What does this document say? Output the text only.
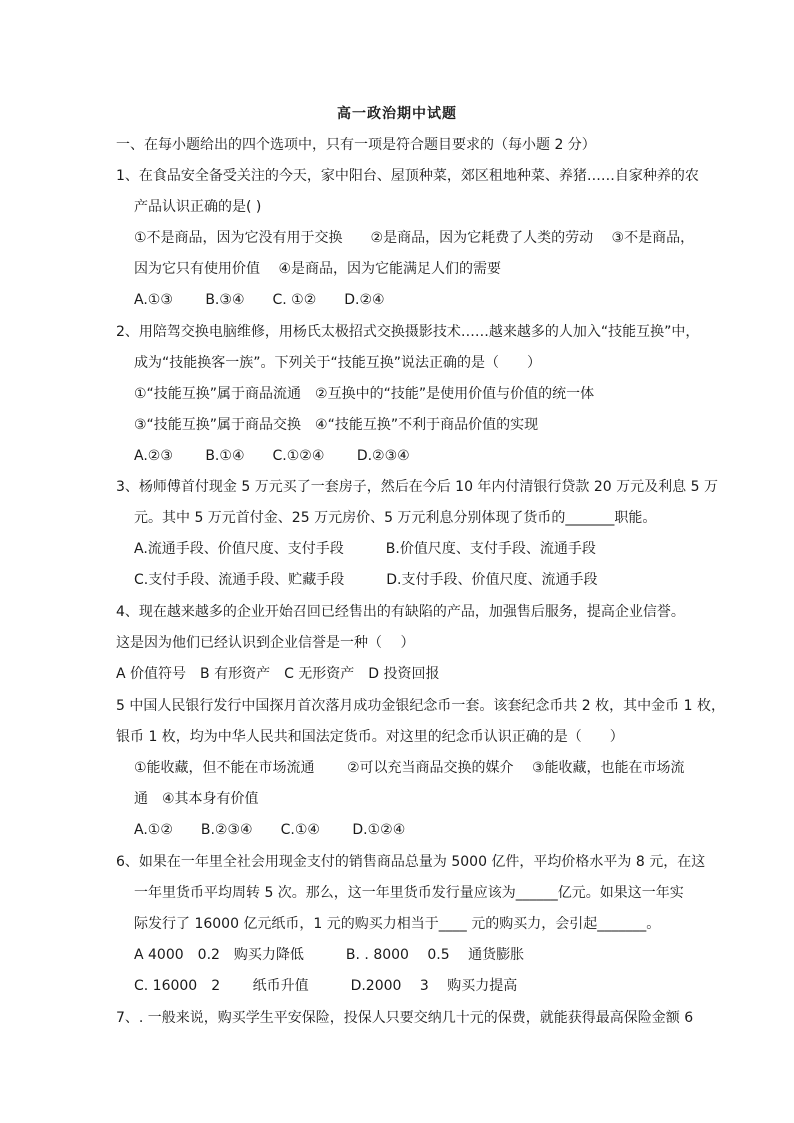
高一政治期中试题
一、在每小题给出的四个选项中，只有一项是符合题目要求的（每小题 2 分）
1、在食品安全备受关注的今天，家中阳台、屋顶种菜，郊区租地种菜、养猪……自家种养的农
产品认识正确的是( )
①不是商品，因为它没有用于交换　　②是商品，因为它耗费了人类的劳动　 ③不是商品，
因为它只有使用价值　 ④是商品，因为它能满足人们的需要
A.①③　　 B.③④　　C. ①②　　D.②④
2、用陪驾交换电脑维修，用杨氏太极招式交换摄影技术……越来越多的人加入“技能互换”中，
成为“技能换客一族”。下列关于“技能互换”说法正确的是（　　）
①“技能互换”属于商品流通　②互换中的“技能”是使用价值与价值的统一体
③“技能互换”属于商品交换　④“技能互换”不利于商品价值的实现
A.②③　　 B.①④　　C.①②④　　 D.②③④
3、杨师傅首付现金 5 万元买了一套房子，然后在今后 10 年内付清银行贷款 20 万元及利息 5 万
元。其中 5 万元首付金、25 万元房价、5 万元利息分别体现了货币的_______职能。
A.流通手段、价值尺度、支付手段　　　B.价值尺度、支付手段、流通手段
C.支付手段、流通手段、贮藏手段　　　D.支付手段、价值尺度、流通手段
4、现在越来越多的企业开始召回已经售出的有缺陷的产品，加强售后服务，提高企业信誉。
这是因为他们已经认识到企业信誉是一种（　 ）
A 价值符号　B 有形资产　C 无形资产　D 投资回报
5 中国人民银行发行中国探月首次落月成功金银纪念币一套。该套纪念币共 2 枚，其中金币 1 枚，
银币 1 枚，均为中华人民共和国法定货币。对这里的纪念币认识正确的是（　　）
①能收藏，但不能在市场流通　　 ②可以充当商品交换的媒介　 ③能收藏，也能在市场流
通　④其本身有价值
A.①②　　B.②③④　　C.①④　　 D.①②④
6、如果在一年里全社会用现金支付的销售商品总量为 5000 亿件，平均价格水平为 8 元，在这
一年里货币平均周转 5 次。那么，这一年里货币发行量应该为______亿元。如果这一年实
际发行了 16000 亿元纸币，1 元的购买力相当于____ 元的购买力，会引起_______。
A 4000　0.2　购买力降低　　　B. . 8000　 0.5　 通货膨胀
C. 16000　2　　 纸币升值　　　D.2000　 3　 购买力提高
7、. 一般来说，购买学生平安保险，投保人只要交纳几十元的保费，就能获得最高保险金额 6
